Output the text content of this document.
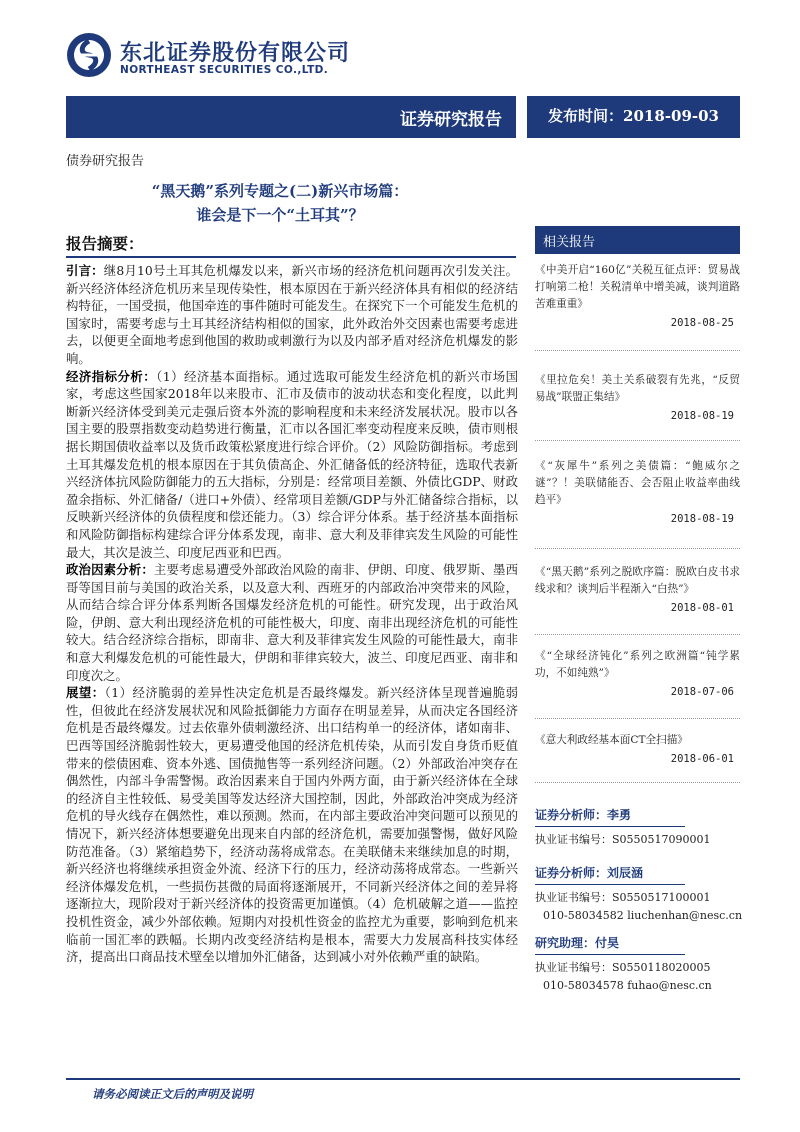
东北证券股份有限公司
NORTHEAST SECURITIES CO.,LTD.
证券研究报告	发布时间：2018-09-03
债券研究报告
“黑天鹅”系列专题之(二)新兴市场篇：
谁会是下一个“土耳其”？
报告摘要：

引言：继8月10号土耳其危机爆发以来，新兴市场的经济危机问题再次引发关注。新兴经济体经济危机历来呈现传染性，根本原因在于新兴经济体具有相似的经济结构特征，一国受损，他国牵连的事件随时可能发生。在探究下一个可能发生危机的国家时，需要考虑与土耳其经济结构相似的国家，此外政治外交因素也需要考虑进去，以便更全面地考虑到他国的救助或刺激行为以及内部矛盾对经济危机爆发的影响。

经济指标分析：（1）经济基本面指标。通过选取可能发生经济危机的新兴市场国家，考虑这些国家2018年以来股市、汇市及债市的波动状态和变化程度，以此判断新兴经济体受到美元走强后资本外流的影响程度和未来经济发展状况。股市以各国主要的股票指数变动趋势进行衡量，汇市以各国汇率变动程度来反映，债市则根据长期国债收益率以及货币政策松紧度进行综合评价。（2）风险防御指标。考虑到土耳其爆发危机的根本原因在于其负债高企、外汇储备低的经济特征，选取代表新兴经济体抗风险防御能力的五大指标，分别是：经常项目差额、外债比GDP、财政盈余指标、外汇储备/（进口+外债）、经常项目差额/GDP与外汇储备综合指标，以反映新兴经济体的负债程度和偿还能力。（3）综合评分体系。基于经济基本面指标和风险防御指标构建综合评分体系发现，南非、意大利及菲律宾发生风险的可能性最大，其次是波兰、印度尼西亚和巴西。

政治因素分析：主要考虑易遭受外部政治风险的南非、伊朗、印度、俄罗斯、墨西哥等国目前与美国的政治关系，以及意大利、西班牙的内部政治冲突带来的风险，从而结合综合评分体系判断各国爆发经济危机的可能性。研究发现，出于政治风险，伊朗、意大利出现经济危机的可能性极大，印度、南非出现经济危机的可能性较大。结合经济综合指标，即南非、意大利及菲律宾发生风险的可能性最大，南非和意大利爆发危机的可能性最大，伊朗和菲律宾较大，波兰、印度尼西亚、南非和印度次之。

展望：（1）经济脆弱的差异性决定危机是否最终爆发。新兴经济体呈现普遍脆弱性，但彼此在经济发展状况和风险抵御能力方面存在明显差异，从而决定各国经济危机是否最终爆发。过去依靠外债刺激经济、出口结构单一的经济体，诸如南非、巴西等国经济脆弱性较大，更易遭受他国的经济危机传染，从而引发自身货币贬值带来的偿债困难、资本外逃、国债抛售等一系列经济问题。（2）外部政治冲突存在偶然性，内部斗争需警惕。政治因素来自于国内外两方面，由于新兴经济体在全球的经济自主性较低、易受美国等发达经济大国控制，因此，外部政治冲突成为经济危机的导火线存在偶然性，难以预测。然而，在内部主要政治冲突问题可以预见的情况下，新兴经济体想要避免出现来自内部的经济危机，需要加强警惕，做好风险防范准备。（3）紧缩趋势下，经济动荡将成常态。在美联储未来继续加息的时期，新兴经济也将继续承担资金外流、经济下行的压力，经济动荡将成常态。一些新兴经济体爆发危机，一些损伤甚微的局面将逐渐展开，不同新兴经济体之间的差异将逐渐拉大，现阶段对于新兴经济体的投资需更加谨慎。（4）危机破解之道——监控投机性资金，减少外部依赖。短期内对投机性资金的监控尤为重要，影响到危机来临前一国汇率的跌幅。长期内改变经济结构是根本，需要大力发展高科技实体经济，提高出口商品技术壁垒以增加外汇储备，达到减小对外依赖严重的缺陷。

相关报告
《中美开启“160亿”关税互征点评：贸易战打响第二枪！关税清单中增美减，谈判道路苦难重重》
2018-08-25
《里拉危矣！美土关系破裂有先兆，“反贸易战”联盟正集结》
2018-08-19
《“灰犀牛”系列之美债篇：“鲍威尔之谜”？！美联储能否、会否阻止收益率曲线趋平》
2018-08-19
《“黑天鹅”系列之脱欧序篇：脱欧白皮书求线求和？谈判后半程渐入“白热”》
2018-08-01
《“全球经济钝化”系列之欧洲篇“钝学累功，不如纯熟”》
2018-07-06
《意大利政经基本面CT全扫描》
2018-06-01
证券分析师：李勇
执业证书编号：S0550517090001
证券分析师：刘辰涵
执业证书编号：S0550517100001
010-58034582 liuchenhan@nesc.cn
研究助理：付昊
执业证书编号：S0550118020005
010-58034578 fuhao@nesc.cn
请务必阅读正文后的声明及说明
